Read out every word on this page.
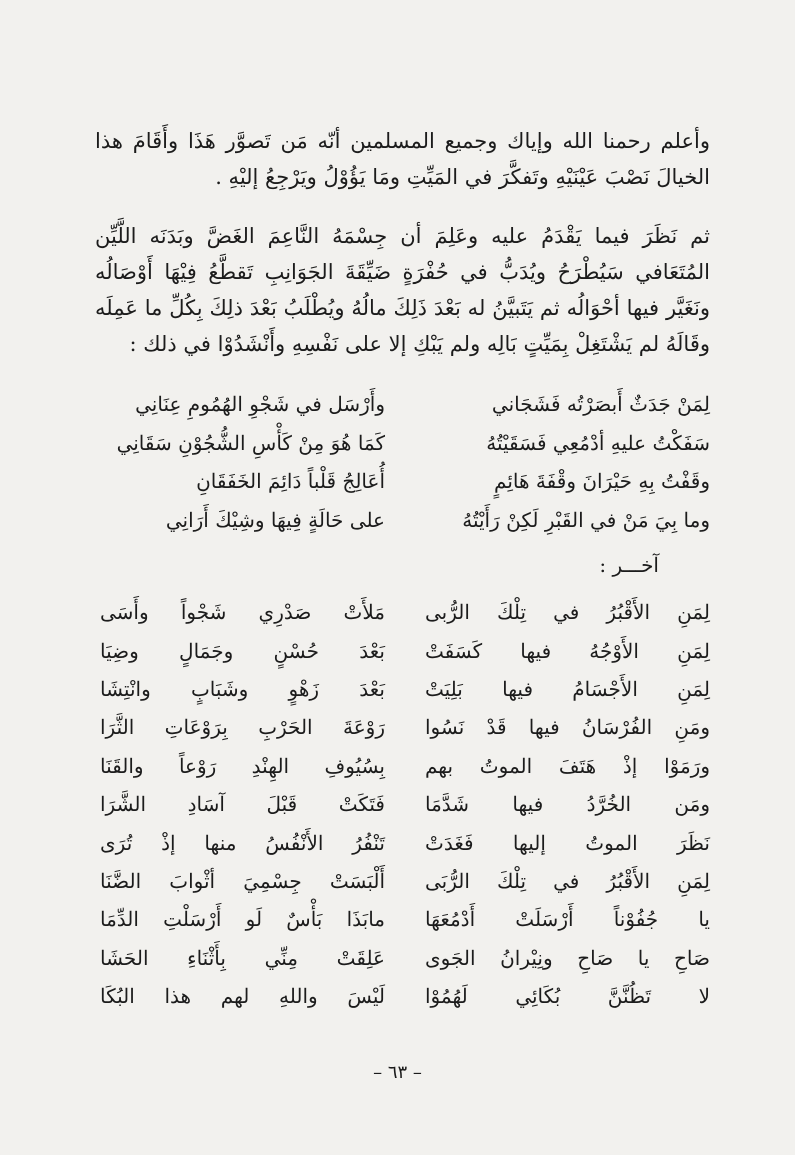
وأعلم رحمنا الله وإياك وجميع المسلمين أنّه مَن تَصوَّر هَذَا وأَقَامَ هذا الخيالَ نَصْبَ عَيْنَيْهِ وتَفكَّرَ في المَيِّتِ ومَا يَؤُوْلُ ويَرْجِعُ إليْهِ .
ثم نَظَرَ فيما يَقْدَمُ عليه وعَلِمَ أن جِسْمَهُ النَّاعِمَ الغَضَّ وبَدَنَه اللَّيِّن المُتَعَافي سَيُطْرَحُ ويُدَبُّ في حُفْرَةٍ ضَيِّقَةَ الجَوَانِبِ تَقطَّعُ فِيْهَا أَوْصَالُه ونَغَيَّر فيها أحْوَالُه ثم يَتَبيَّنُ له بَعْدَ ذَلِكَ مالُهُ ويُطْلَبُ بَعْدَ ذلِكَ بِكُلِّ ما عَمِلَه وقَالَهُ لم يَشْتَغِلْ بِمَيِّتٍ بَالِه ولم يَبْكِ إلا على نَفْسِهِ وأَنْشَدُوْا في ذلك :
لِمَنْ جَدَثٌ أَبصَرْتُه فَشَجَاني
وأَرْسَل في شَجْوِ الهُمُومِ عِنَانِي
سَفَكْتُ عليهِ أدْمُعِي فَسَقَيْتُهُ
كَمَا هُوَ مِنْ كَأْسِ الشُّجُوْنِ سَقَانِي
وقَفْتُ بِهِ حَيْرَانَ وقْفَةَ هَائِمٍ
أُعَالِجُ قَلْباً دَائِمَ الخَفَقَانِ
وما بِيَ مَنْ في القَبْرِ لَكِنْ رَأَيْتُهُ
على حَالَةٍ فِيهَا وشِيْكَ أَرَانِي
آخـــر :
لِمَنِ الأَقْبُرُ في تِلْكَ الرُّبى
مَلأَتْ صَدْرِي شَجْواً وأَسَى
لِمَنِ الأَوْجُهُ فيها كَسَفَتْ
بَعْدَ حُسْنٍ وجَمَالٍ وضِيَا
لِمَنِ الأَجْسَامُ فيها بَلِيَتْ
بَعْدَ زَهْوٍ وشَبَابٍ وانْتِشَا
ومَنِ الفُرْسَانُ فيها قَدْ نَسُوا
رَوْعَةَ الحَرْبِ بِرَوْعَاتِ الثَّرَا
ورَمَوْا إذْ هَتَفَ الموتُ بهم
بِسُيُوفِ الهِنْدِ رَوْعاً والقَنَا
ومَن الخُرَّدُ فيها شَدَّمَا
فَتَكَتْ قَبْلَ آسَادِ الشَّرَا
نَظَرَ الموتُ إليها فَغَدَتْ
تَنْفُرُ الأَنْفُسُ منها إذْ تُرَى
لِمَنِ الأَقْبُرُ في تِلْكَ الرُّبَى
أَلْبَسَتْ جِسْمِيَ أثْوابَ الضَّنَا
يا جُفُوْناً أَرْسَلَتْ أَدْمُعَهَا
مابَذَا بَأْسٌ لَو أَرْسَلْتِ الدِّمَا
صَاحِ يا صَاحِ ونِيْرانُ الجَوى
عَلِقَتْ مِنِّي بِأَثْنَاءِ الحَشَا
لا تَظُنَّنَّ بُكَائِي لَهُمُوْا
لَيْسَ واللهِ لهم هذا البُكَا
– ٦٣ –
